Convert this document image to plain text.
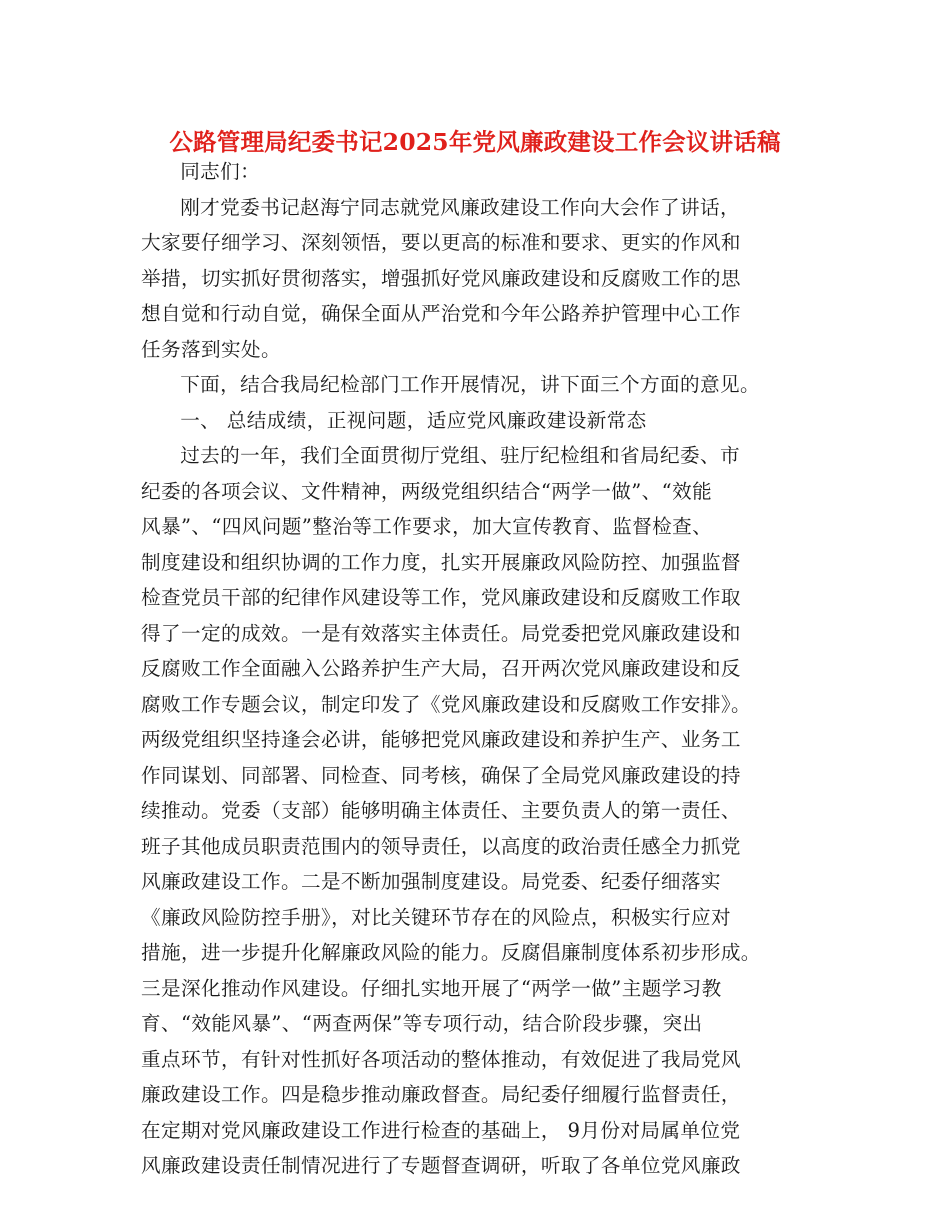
公路管理局纪委书记2025年党风廉政建设工作会议讲话稿
同志们：
刚才党委书记赵海宁同志就党风廉政建设工作向大会作了讲话，
大家要仔细学习、深刻领悟，要以更高的标准和要求、更实的作风和
举措，切实抓好贯彻落实，增强抓好党风廉政建设和反腐败工作的思
想自觉和行动自觉，确保全面从严治党和今年公路养护管理中心工作
任务落到实处。
下面，结合我局纪检部门工作开展情况，讲下面三个方面的意见。
一、 总结成绩，正视问题，适应党风廉政建设新常态
过去的一年，我们全面贯彻厅党组、驻厅纪检组和省局纪委、市
纪委的各项会议、文件精神，两级党组织结合“两学一做”、“效能
风暴”、“四风问题”整治等工作要求，加大宣传教育、监督检查、
制度建设和组织协调的工作力度，扎实开展廉政风险防控、加强监督
检查党员干部的纪律作风建设等工作，党风廉政建设和反腐败工作取
得了一定的成效。一是有效落实主体责任。局党委把党风廉政建设和
反腐败工作全面融入公路养护生产大局，召开两次党风廉政建设和反
腐败工作专题会议，制定印发了《党风廉政建设和反腐败工作安排》。
两级党组织坚持逢会必讲，能够把党风廉政建设和养护生产、业务工
作同谋划、同部署、同检查、同考核，确保了全局党风廉政建设的持
续推动。党委（支部）能够明确主体责任、主要负责人的第一责任、
班子其他成员职责范围内的领导责任，以高度的政治责任感全力抓党
风廉政建设工作。二是不断加强制度建设。局党委、纪委仔细落实
《廉政风险防控手册》，对比关键环节存在的风险点，积极实行应对
措施，进一步提升化解廉政风险的能力。反腐倡廉制度体系初步形成。
三是深化推动作风建设。仔细扎实地开展了“两学一做”主题学习教
育、“效能风暴”、“两查两保”等专项行动，结合阶段步骤，突出
重点环节，有针对性抓好各项活动的整体推动，有效促进了我局党风
廉政建设工作。四是稳步推动廉政督查。局纪委仔细履行监督责任，
在定期对党风廉政建设工作进行检查的基础上， 9月份对局属单位党
风廉政建设责任制情况进行了专题督查调研，听取了各单位党风廉政
